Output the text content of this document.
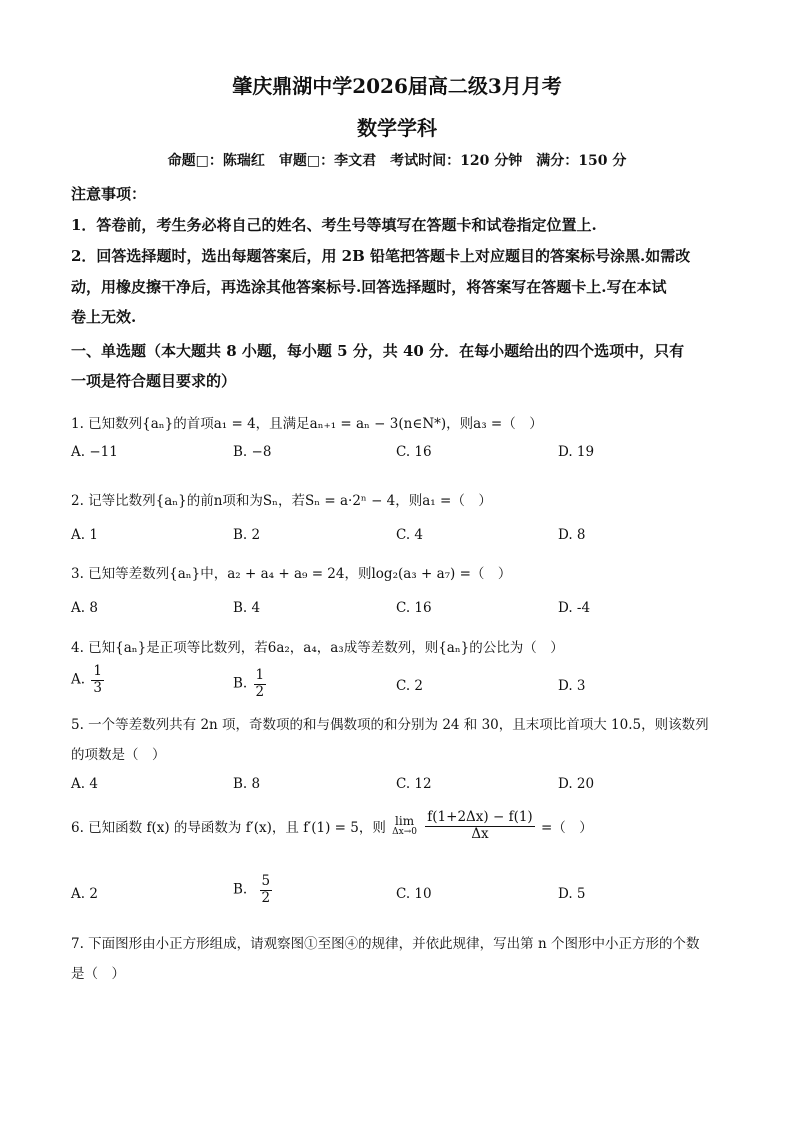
肇庆鼎湖中学2026届高二级3月月考
数学学科
命题□：陈瑞红　审题□：李文君　考试时间：120 分钟　满分：150 分
注意事项：
1．答卷前，考生务必将自己的姓名、考生号等填写在答题卡和试卷指定位置上.
2．回答选择题时，选出每题答案后，用 2B 铅笔把答题卡上对应题目的答案标号涂黑.如需改
动，用橡皮擦干净后，再选涂其他答案标号.回答选择题时，将答案写在答题卡上.写在本试
卷上无效.
一、单选题（本大题共 8 小题，每小题 5 分，共 40 分．在每小题给出的四个选项中，只有
一项是符合题目要求的）
1. 已知数列{aₙ}的首项a₁ = 4，且满足aₙ₊₁ = aₙ − 3(n∈N*)，则a₃ =（　）
A. −11	B. −8	C. 16	D. 19
2. 记等比数列{aₙ}的前n项和为Sₙ，若Sₙ = a·2ⁿ − 4，则a₁ =（　）
A. 1	B. 2	C. 4	D. 8
3. 已知等差数列{aₙ}中，a₂ + a₄ + a₉ = 24，则log₂(a₃ + a₇) =（　）
A. 8	B. 4	C. 16	D. -4
4. 已知{aₙ}是正项等比数列，若6a₂，a₄，a₃成等差数列，则{aₙ}的公比为（　）
A. $\frac{1}{3}$	B. $\frac{1}{2}$	C. 2	D. 3
5. 一个等差数列共有 2n 项，奇数项的和与偶数项的和分别为 24 和 30，且末项比首项大 10.5，则该数列
的项数是（　）
A. 4	B. 8	C. 12	D. 20
6. 已知函数 f(x) 的导函数为 f′(x)，且 f′(1) = 5，则 lim
Δx→0
$\frac{f(1+2\Delta x) - f(1)}{\Delta x}$ =（　）
A. 2	B. $\frac{5}{2}$	C. 10	D. 5
7. 下面图形由小正方形组成，请观察图①至图④的规律，并依此规律，写出第 n 个图形中小正方形的个数
是（　）
